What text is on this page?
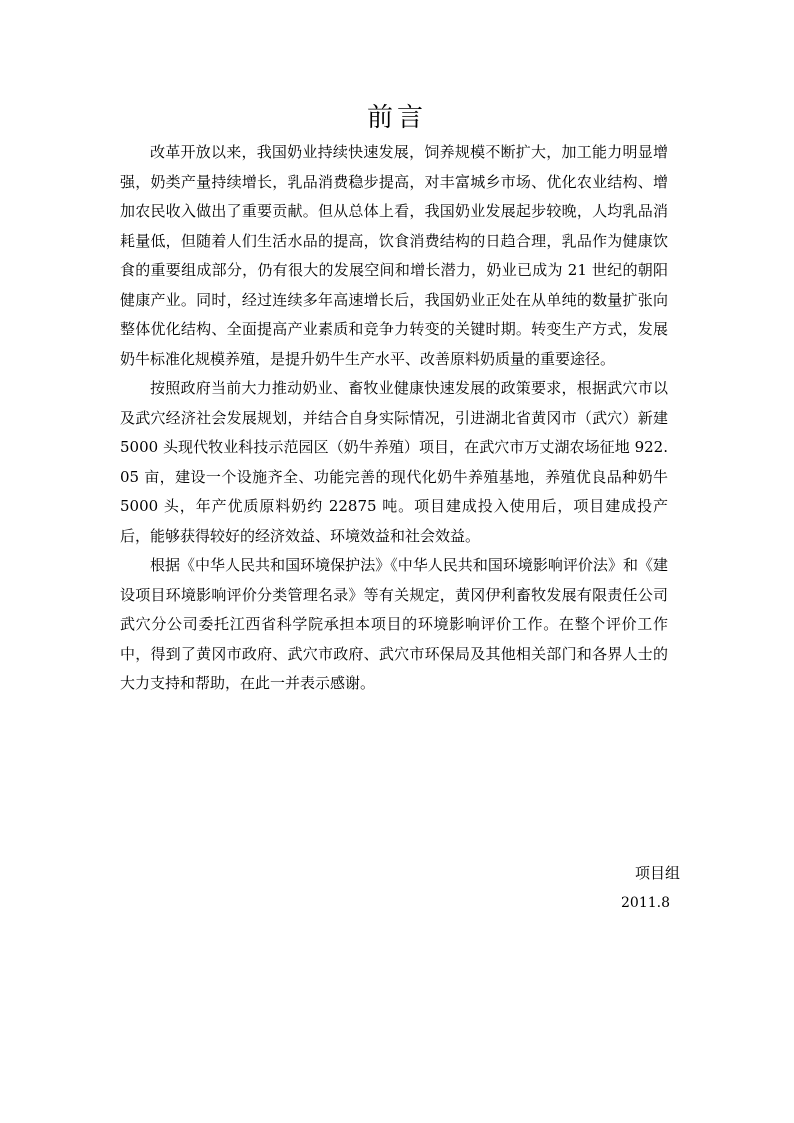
前言

改革开放以来，我国奶业持续快速发展，饲养规模不断扩大，加工能力明显增强，奶类产量持续增长，乳品消费稳步提高，对丰富城乡市场、优化农业结构、增加农民收入做出了重要贡献。但从总体上看，我国奶业发展起步较晚，人均乳品消耗量低，但随着人们生活水品的提高，饮食消费结构的日趋合理，乳品作为健康饮食的重要组成部分，仍有很大的发展空间和增长潜力，奶业已成为 21 世纪的朝阳健康产业。同时，经过连续多年高速增长后，我国奶业正处在从单纯的数量扩张向整体优化结构、全面提高产业素质和竞争力转变的关键时期。转变生产方式，发展奶牛标准化规模养殖，是提升奶牛生产水平、改善原料奶质量的重要途径。

按照政府当前大力推动奶业、畜牧业健康快速发展的政策要求，根据武穴市以及武穴经济社会发展规划，并结合自身实际情况，引进湖北省黄冈市（武穴）新建 5000 头现代牧业科技示范园区（奶牛养殖）项目，在武穴市万丈湖农场征地 922.05 亩，建设一个设施齐全、功能完善的现代化奶牛养殖基地，养殖优良品种奶牛 5000 头，年产优质原料奶约 22875 吨。项目建成投入使用后，项目建成投产后，能够获得较好的经济效益、环境效益和社会效益。

根据《中华人民共和国环境保护法》《中华人民共和国环境影响评价法》和《建设项目环境影响评价分类管理名录》等有关规定，黄冈伊利畜牧发展有限责任公司武穴分公司委托江西省科学院承担本项目的环境影响评价工作。在整个评价工作中，得到了黄冈市政府、武穴市政府、武穴市环保局及其他相关部门和各界人士的大力支持和帮助，在此一并表示感谢。

项目组
2011.8
